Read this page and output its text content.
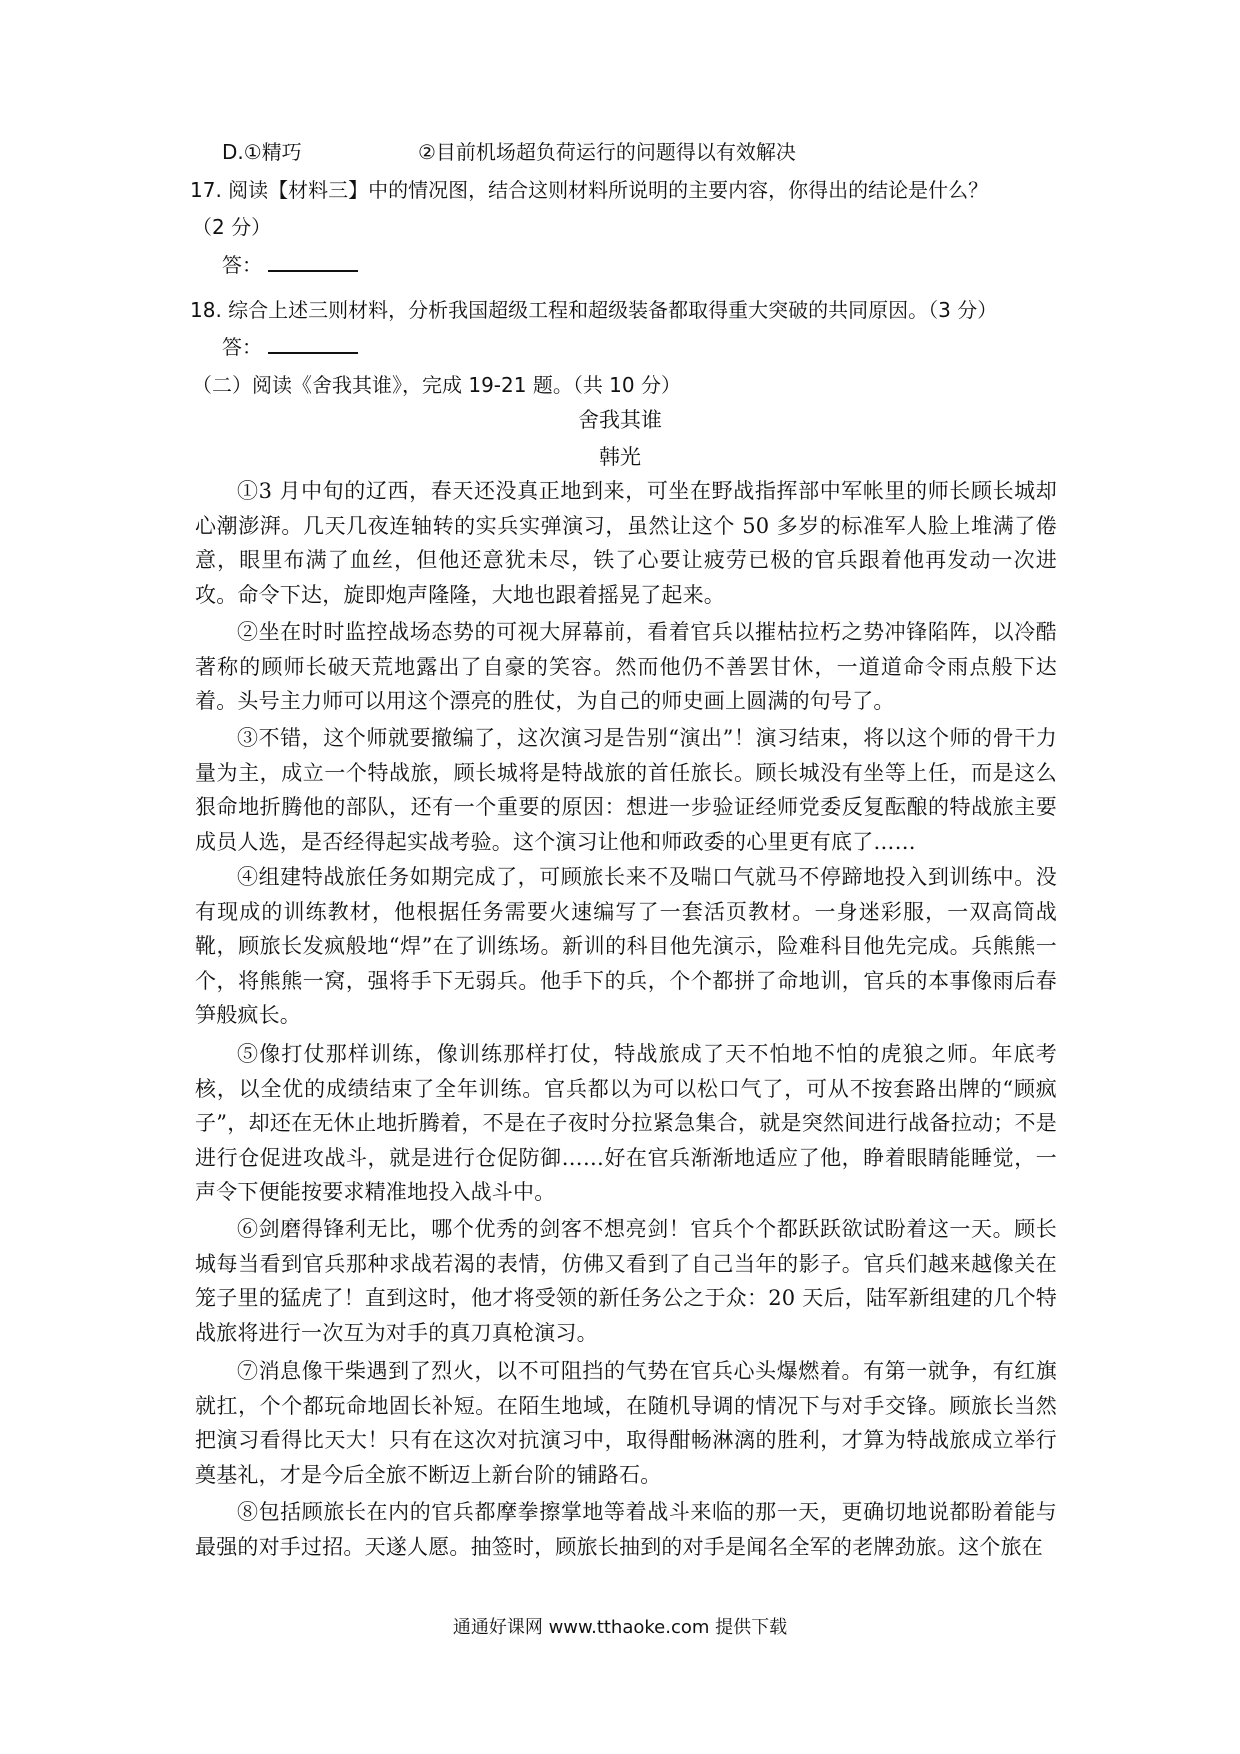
D.①精巧	②目前机场超负荷运行的问题得以有效解决
17. 阅读【材料三】中的情况图，结合这则材料所说明的主要内容，你得出的结论是什么？
（2 分）
答：
18. 综合上述三则材料，分析我国超级工程和超级装备都取得重大突破的共同原因。（3 分）
答：
（二）阅读《舍我其谁》，完成 19-21 题。（共 10 分）
舍我其谁
韩光

①3 月中旬的辽西，春天还没真正地到来，可坐在野战指挥部中军帐里的师长顾长城却心潮澎湃。几天几夜连轴转的实兵实弹演习，虽然让这个 50 多岁的标准军人脸上堆满了倦意，眼里布满了血丝，但他还意犹未尽，铁了心要让疲劳已极的官兵跟着他再发动一次进攻。命令下达，旋即炮声隆隆，大地也跟着摇晃了起来。

②坐在时时监控战场态势的可视大屏幕前，看着官兵以摧枯拉朽之势冲锋陷阵，以冷酷著称的顾师长破天荒地露出了自豪的笑容。然而他仍不善罢甘休，一道道命令雨点般下达着。头号主力师可以用这个漂亮的胜仗，为自己的师史画上圆满的句号了。

③不错，这个师就要撤编了，这次演习是告别“演出”！演习结束，将以这个师的骨干力量为主，成立一个特战旅，顾长城将是特战旅的首任旅长。顾长城没有坐等上任，而是这么狠命地折腾他的部队，还有一个重要的原因：想进一步验证经师党委反复酝酿的特战旅主要成员人选，是否经得起实战考验。这个演习让他和师政委的心里更有底了……

④组建特战旅任务如期完成了，可顾旅长来不及喘口气就马不停蹄地投入到训练中。没有现成的训练教材，他根据任务需要火速编写了一套活页教材。一身迷彩服，一双高筒战靴，顾旅长发疯般地“焊”在了训练场。新训的科目他先演示，险难科目他先完成。兵熊熊一个，将熊熊一窝，强将手下无弱兵。他手下的兵，个个都拼了命地训，官兵的本事像雨后春笋般疯长。

⑤像打仗那样训练，像训练那样打仗，特战旅成了天不怕地不怕的虎狼之师。年底考核，以全优的成绩结束了全年训练。官兵都以为可以松口气了，可从不按套路出牌的“顾疯子”，却还在无休止地折腾着，不是在子夜时分拉紧急集合，就是突然间进行战备拉动；不是进行仓促进攻战斗，就是进行仓促防御……好在官兵渐渐地适应了他，睁着眼睛能睡觉，一声令下便能按要求精准地投入战斗中。

⑥剑磨得锋利无比，哪个优秀的剑客不想亮剑！官兵个个都跃跃欲试盼着这一天。顾长城每当看到官兵那种求战若渴的表情，仿佛又看到了自己当年的影子。官兵们越来越像关在笼子里的猛虎了！直到这时，他才将受领的新任务公之于众：20 天后，陆军新组建的几个特战旅将进行一次互为对手的真刀真枪演习。

⑦消息像干柴遇到了烈火，以不可阻挡的气势在官兵心头爆燃着。有第一就争，有红旗就扛，个个都玩命地固长补短。在陌生地域，在随机导调的情况下与对手交锋。顾旅长当然把演习看得比天大！只有在这次对抗演习中，取得酣畅淋漓的胜利，才算为特战旅成立举行奠基礼，才是今后全旅不断迈上新台阶的铺路石。

⑧包括顾旅长在内的官兵都摩拳擦掌地等着战斗来临的那一天，更确切地说都盼着能与最强的对手过招。天遂人愿。抽签时，顾旅长抽到的对手是闻名全军的老牌劲旅。这个旅在

通通好课网 www.tthaoke.com 提供下载
